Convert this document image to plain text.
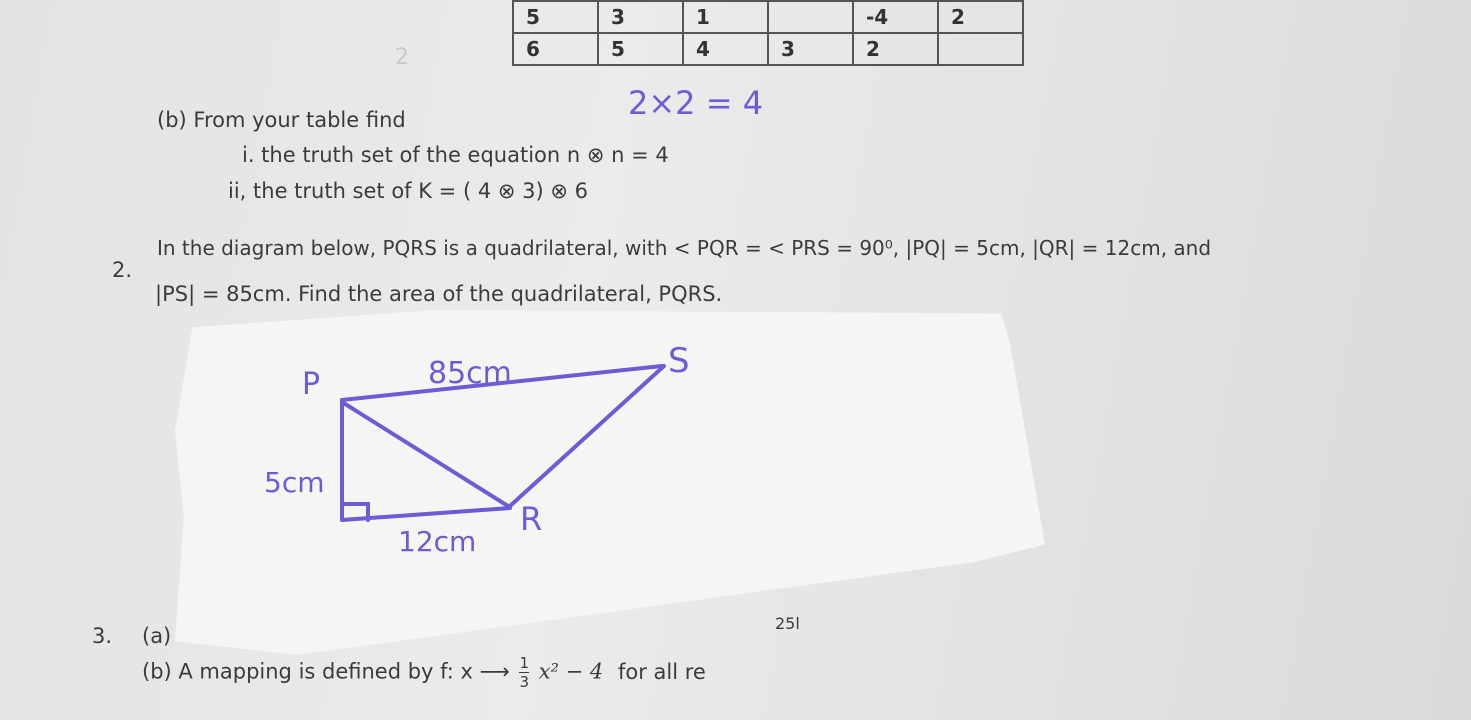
5	3	1		-4	2
6	5	4	3	2	
2
(b) From your table find	2×2 = 4
i. the truth set of the equation n ⊗ n = 4
ii, the truth set of K = ( 4 ⊗ 3) ⊗ 6
2.
In the diagram below, PQRS is a quadrilateral, with < PQR = < PRS = 90⁰, |PQ| = 5cm, |QR| = 12cm, and
|PS| = 85cm. Find the area of the quadrilateral, PQRS.
P
S
R
85cm
5cm
12cm
3. (a)
25l
(b) A mapping is defined by f: x ⟶ $\frac{1}{3} x^2 - 4$ for all re
